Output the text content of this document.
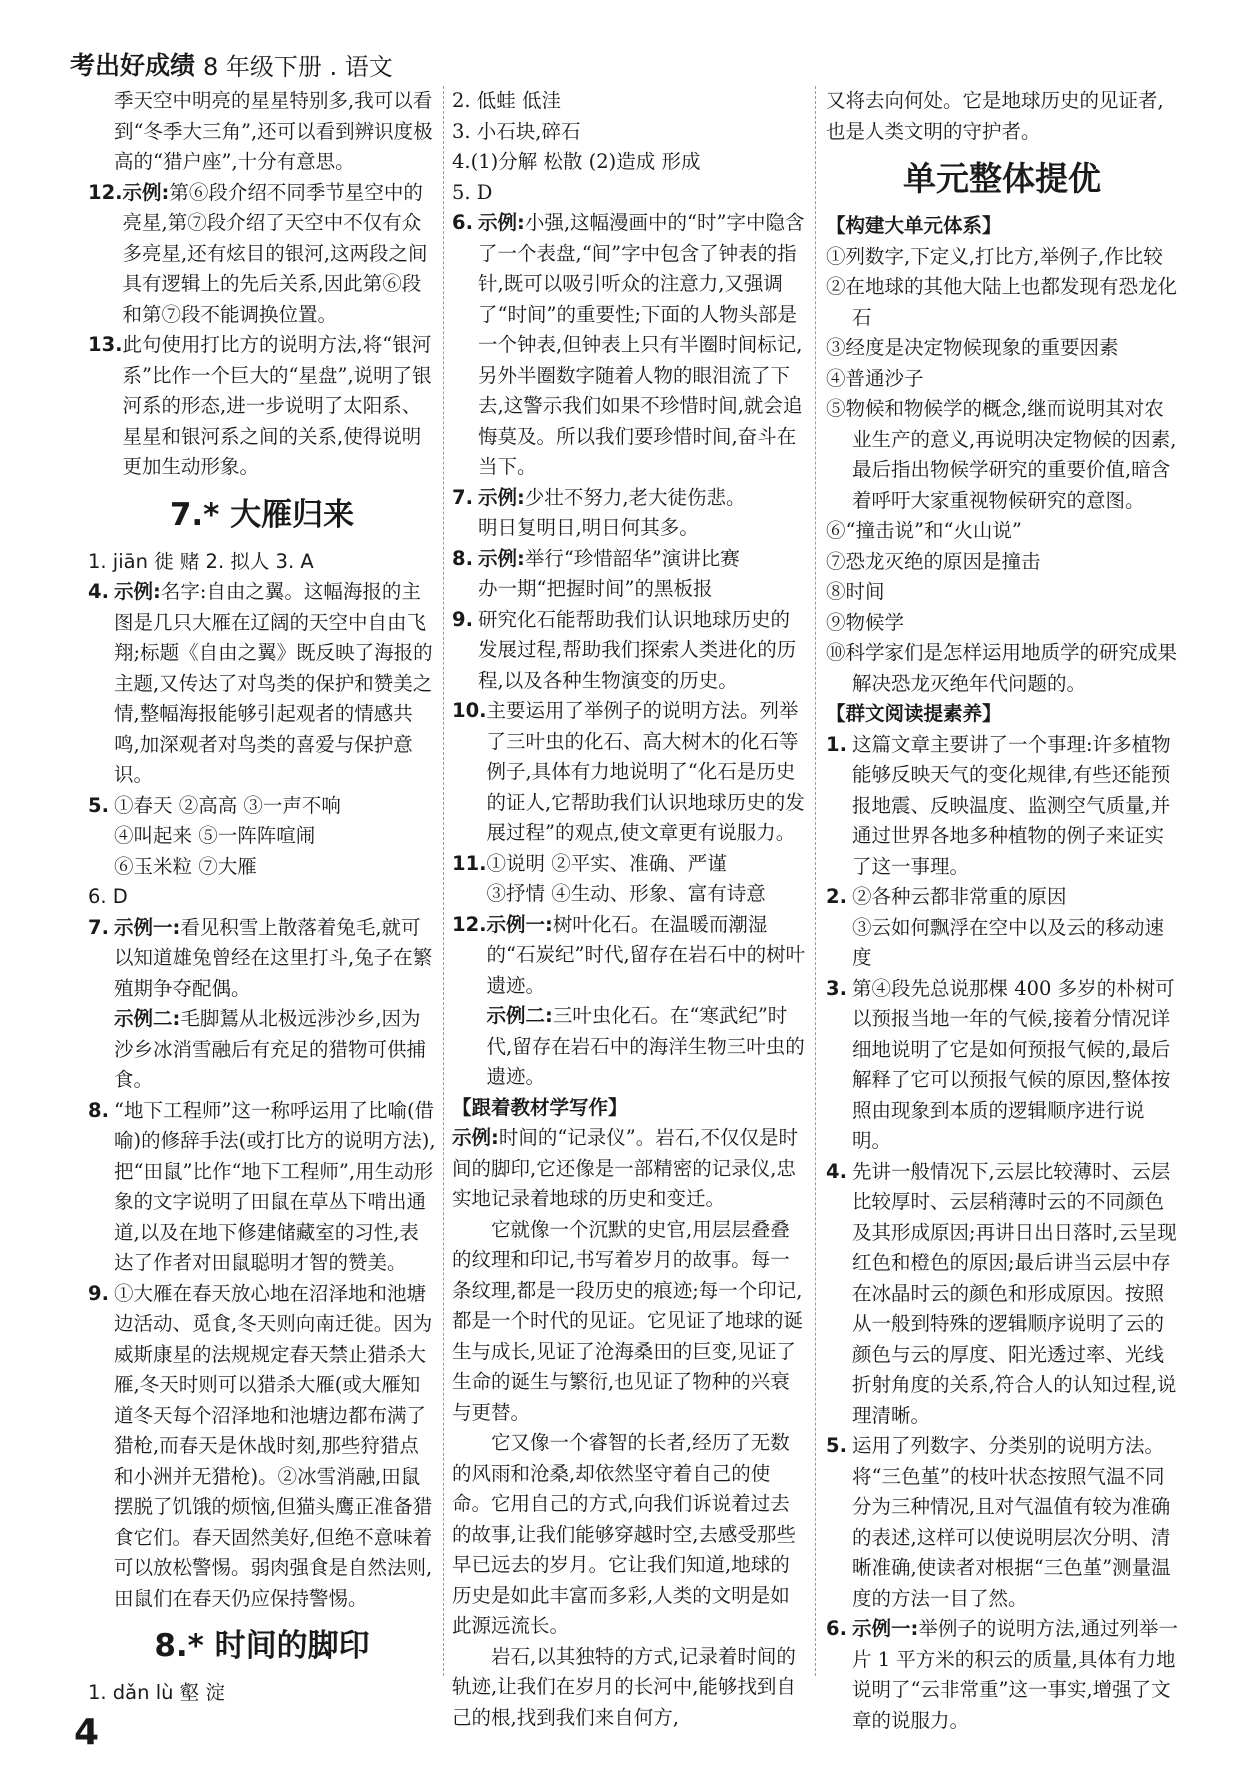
考出好成绩 8 年级下册 . 语文
季天空中明亮的星星特别多,我可以看到“冬季大三角”,还可以看到辨识度极高的“猎户座”,十分有意思。
12. 示例:第⑥段介绍不同季节星空中的亮星,第⑦段介绍了天空中不仅有众多亮星,还有炫目的银河,这两段之间具有逻辑上的先后关系,因此第⑥段和第⑦段不能调换位置。
13. 此句使用打比方的说明方法,将“银河系”比作一个巨大的“星盘”,说明了银河系的形态,进一步说明了太阳系、星星和银河系之间的关系,使得说明更加生动形象。
7.* 大雁归来
1. jiān 徙 赌 2. 拟人 3. A
4. 示例:名字:自由之翼。这幅海报的主图是几只大雁在辽阔的天空中自由飞翔;标题《自由之翼》既反映了海报的主题,又传达了对鸟类的保护和赞美之情,整幅海报能够引起观者的情感共鸣,加深观者对鸟类的喜爱与保护意识。
5. ①春天 ②高高 ③一声不响
④叫起来 ⑤一阵阵喧闹
⑥玉米粒 ⑦大雁
6. D
7. 示例一:看见积雪上散落着兔毛,就可以知道雄兔曾经在这里打斗,兔子在繁殖期争夺配偶。
示例二:毛脚鵟从北极远涉沙乡,因为沙乡冰消雪融后有充足的猎物可供捕食。
8. “地下工程师”这一称呼运用了比喻(借喻)的修辞手法(或打比方的说明方法),把“田鼠”比作“地下工程师”,用生动形象的文字说明了田鼠在草丛下啃出通道,以及在地下修建储藏室的习性,表达了作者对田鼠聪明才智的赞美。
9. ①大雁在春天放心地在沼泽地和池塘边活动、觅食,冬天则向南迁徙。因为威斯康星的法规规定春天禁止猎杀大雁,冬天时则可以猎杀大雁(或大雁知道冬天每个沼泽地和池塘边都布满了猎枪,而春天是休战时刻,那些狩猎点和小洲并无猎枪)。②冰雪消融,田鼠摆脱了饥饿的烦恼,但猫头鹰正准备猎食它们。春天固然美好,但绝不意味着可以放松警惕。弱肉强食是自然法则,田鼠们在春天仍应保持警惕。
8.* 时间的脚印
1. dǎn lù 壑 淀
2. 低蛙 低洼
3. 小石块,碎石
4.(1)分解 松散 (2)造成 形成
5. D
6. 示例:小强,这幅漫画中的“时”字中隐含了一个表盘,“间”字中包含了钟表的指针,既可以吸引听众的注意力,又强调了“时间”的重要性;下面的人物头部是一个钟表,但钟表上只有半圈时间标记,另外半圈数字随着人物的眼泪流了下去,这警示我们如果不珍惜时间,就会追悔莫及。所以我们要珍惜时间,奋斗在当下。
7. 示例:少壮不努力,老大徒伤悲。
明日复明日,明日何其多。
8. 示例:举行“珍惜韶华”演讲比赛
办一期“把握时间”的黑板报
9. 研究化石能帮助我们认识地球历史的发展过程,帮助我们探索人类进化的历程,以及各种生物演变的历史。
10. 主要运用了举例子的说明方法。列举了三叶虫的化石、高大树木的化石等例子,具体有力地说明了“化石是历史的证人,它帮助我们认识地球历史的发展过程”的观点,使文章更有说服力。
11. ①说明 ②平实、准确、严谨
③抒情 ④生动、形象、富有诗意
12. 示例一:树叶化石。在温暖而潮湿的“石炭纪”时代,留存在岩石中的树叶遗迹。
示例二:三叶虫化石。在“寒武纪”时代,留存在岩石中的海洋生物三叶虫的遗迹。
【跟着教材学写作】
示例:时间的“记录仪”。岩石,不仅仅是时间的脚印,它还像是一部精密的记录仪,忠实地记录着地球的历史和变迁。
它就像一个沉默的史官,用层层叠叠的纹理和印记,书写着岁月的故事。每一条纹理,都是一段历史的痕迹;每一个印记,都是一个时代的见证。它见证了地球的诞生与成长,见证了沧海桑田的巨变,见证了生命的诞生与繁衍,也见证了物种的兴衰与更替。
它又像一个睿智的长者,经历了无数的风雨和沧桑,却依然坚守着自己的使命。它用自己的方式,向我们诉说着过去的故事,让我们能够穿越时空,去感受那些早已远去的岁月。它让我们知道,地球的历史是如此丰富而多彩,人类的文明是如此源远流长。
岩石,以其独特的方式,记录着时间的轨迹,让我们在岁月的长河中,能够找到自己的根,找到我们来自何方,
又将去向何处。它是地球历史的见证者,也是人类文明的守护者。
单元整体提优
【构建大单元体系】
①列数字,下定义,打比方,举例子,作比较
②在地球的其他大陆上也都发现有恐龙化石
③经度是决定物候现象的重要因素
④普通沙子
⑤物候和物候学的概念,继而说明其对农业生产的意义,再说明决定物候的因素,最后指出物候学研究的重要价值,暗含着呼吁大家重视物候研究的意图。
⑥“撞击说”和“火山说”
⑦恐龙灭绝的原因是撞击
⑧时间
⑨物候学
⑩科学家们是怎样运用地质学的研究成果解决恐龙灭绝年代问题的。
【群文阅读提素养】
1. 这篇文章主要讲了一个事理:许多植物能够反映天气的变化规律,有些还能预报地震、反映温度、监测空气质量,并通过世界各地多种植物的例子来证实了这一事理。
2. ②各种云都非常重的原因
③云如何飘浮在空中以及云的移动速度
3. 第④段先总说那棵 400 多岁的朴树可以预报当地一年的气候,接着分情况详细地说明了它是如何预报气候的,最后解释了它可以预报气候的原因,整体按照由现象到本质的逻辑顺序进行说明。
4. 先讲一般情况下,云层比较薄时、云层比较厚时、云层稍薄时云的不同颜色及其形成原因;再讲日出日落时,云呈现红色和橙色的原因;最后讲当云层中存在冰晶时云的颜色和形成原因。按照从一般到特殊的逻辑顺序说明了云的颜色与云的厚度、阳光透过率、光线折射角度的关系,符合人的认知过程,说理清晰。
5. 运用了列数字、分类别的说明方法。将“三色堇”的枝叶状态按照气温不同分为三种情况,且对气温值有较为准确的表述,这样可以使说明层次分明、清晰准确,使读者对根据“三色堇”测量温度的方法一目了然。
6. 示例一:举例子的说明方法,通过列举一片 1 平方米的积云的质量,具体有力地说明了“云非常重”这一事实,增强了文章的说服力。
4
